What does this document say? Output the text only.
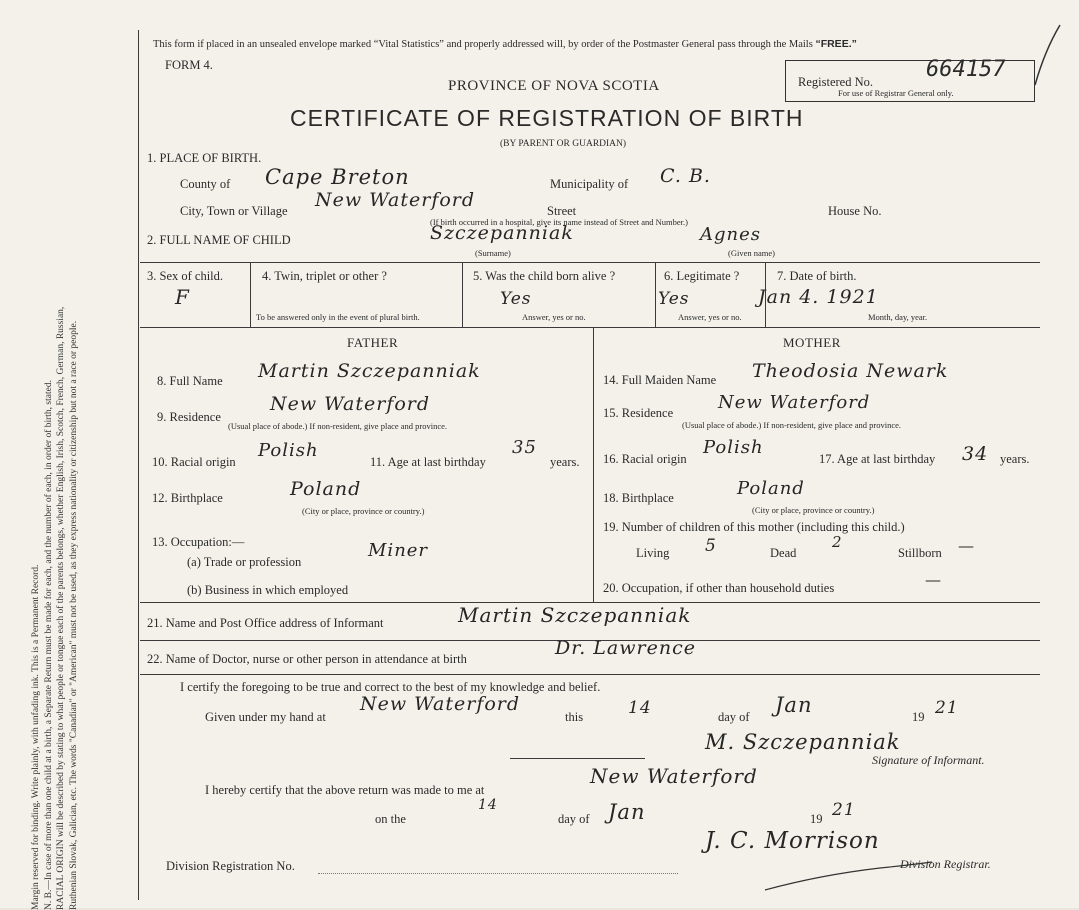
Margin reserved for binding. Write plainly, with unfading ink. This is a Permanent Record. N. B.—In case of more than one child at a birth, a Separate Return must be made for each, and the number of each, in order of birth, stated. RACIAL ORIGIN will be described by stating to what people or tongue each of the parents belongs, whether English, Irish, Scotch, French, German, Russian, Ruthenian Slovak, Galician, etc. The words "Canadian" or "American" must not be used, as they express nationality or citizenship but not a race or people.
This form if placed in an unsealed envelope marked “Vital Statistics” and properly addressed will, by order of the Postmaster General pass through the Mails “FREE.”
FORM 4.
PROVINCE OF NOVA SCOTIA
CERTIFICATE OF REGISTRATION OF BIRTH
(BY PARENT OR GUARDIAN)
Registered No. 664157
For use of Registrar General only.
1. PLACE OF BIRTH.
County of Cape Breton	Municipality of C. B.
City, Town or Village New Waterford	Street	House No.
(If birth occurred in a hospital, give its name instead of Street and Number.)
2. FULL NAME OF CHILD	Szczepanniak	Agnes
(Surname)	(Given name)
3. Sex of child.
F
4. Twin, triplet or other ?
To be answered only in the event of plural birth.
5. Was the child born alive ?
Yes
Answer, yes or no.
6. Legitimate ?
Yes
Answer, yes or no.
7. Date of birth.
Jan 4. 1921
Month, day, year.
FATHER	MOTHER
8. Full Name Martin Szczepanniak
9. Residence
New Waterford
(Usual place of abode.) If non-resident, give place and province.
10. Racial origin
Polish
11. Age at last birthday
35
years.
12. Birthplace	Poland
(City or place, province or country.)
13. Occupation:—
(a) Trade or profession
Miner
(b) Business in which employed
14. Full Maiden Name Theodosia Newark
15. Residence New Waterford
(Usual place of abode.) If non-resident, give place and province.
16. Racial origin
Polish
17. Age at last birthday 34 years.
18. Birthplace	Poland
(City or place, province or country.)
19. Number of children of this mother (including this child.)
Living 5	Dead
2
Stillborn —
20. Occupation, if other than household duties	—
21. Name and Post Office address of Informant	Martin Szczepanniak
22. Name of Doctor, nurse or other person in attendance at birth	Dr. Lawrence
I certify the foregoing to be true and correct to the best of my knowledge and belief.
Given under my hand at
New Waterford
this	14	day of Jan	19 21
M. Szczepanniak
Signature of Informant.
I hereby certify that the above return was made to me at
New Waterford
on the
14
day of Jan	19 21
Division Registration No.
J. C. Morrison
Division Registrar.
